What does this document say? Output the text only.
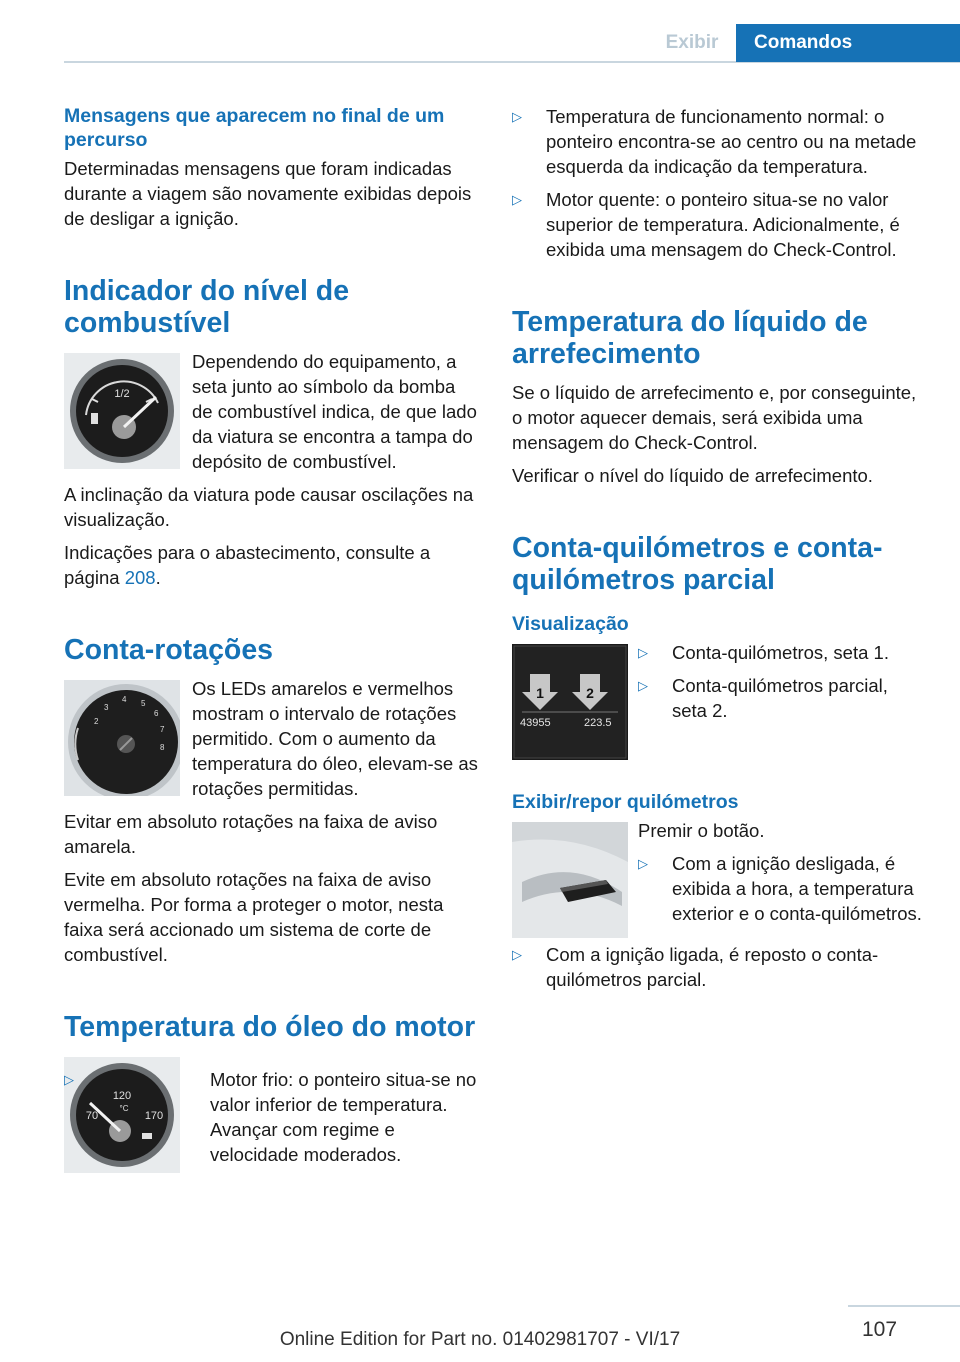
Exibir	Comandos
Mensagens que aparecem no final de um percurso

Determinadas mensagens que foram indicadas durante a viagem são novamente exibidas depois de desligar a ignição.

Indicador do nível de combustível
1/2

Dependendo do equipamento, a seta junto ao símbolo da bomba de combustível indica, de que lado da viatura se encontra a tampa do depósito de combustível.

A inclinação da viatura pode causar oscilações na visualização.

Indicações para o abastecimento, consulte a página 208.

Conta-rotações
2
3
4 5
6
7
8

Os LEDs amarelos e vermelhos mostram o intervalo de rotações permitido. Com o aumento da temperatura do óleo, elevam-se as rotações permitidas.

Evitar em absoluto rotações na faixa de aviso amarela.

Evite em absoluto rotações na faixa de aviso vermelha. Por forma a proteger o motor, nesta faixa será accionado um sistema de corte de combustível.

Temperatura do óleo do motor
120
°C
70	170
▷	Motor frio: o ponteiro situa-se no valor inferior de temperatura. Avançar com regime e velocidade moderados.
▷ Temperatura de funcionamento normal: o ponteiro encontra-se ao centro ou na metade esquerda da indicação da temperatura.
▷ Motor quente: o ponteiro situa-se no valor superior de temperatura. Adicionalmente, é exibida uma mensagem do Check-Control.
Temperatura do líquido de arrefecimento

Se o líquido de arrefecimento e, por conseguinte, o motor aquecer demais, será exibida uma mensagem do Check-Control.

Verificar o nível do líquido de arrefecimento.

Conta-quilómetros e conta-quilómetros parcial
Visualização
1	2
43955	223.5
▷ Conta-quilómetros, seta 1.
▷ Conta-quilómetros parcial, seta 2.
Exibir/repor quilómetros

Premir o botão.

▷ Com a ignição desligada, é exibida a hora, a temperatura exterior e o conta-quilómetros.
▷ Com a ignição ligada, é reposto o conta-quilómetros parcial.
107
Online Edition for Part no. 01402981707 - VI/17
